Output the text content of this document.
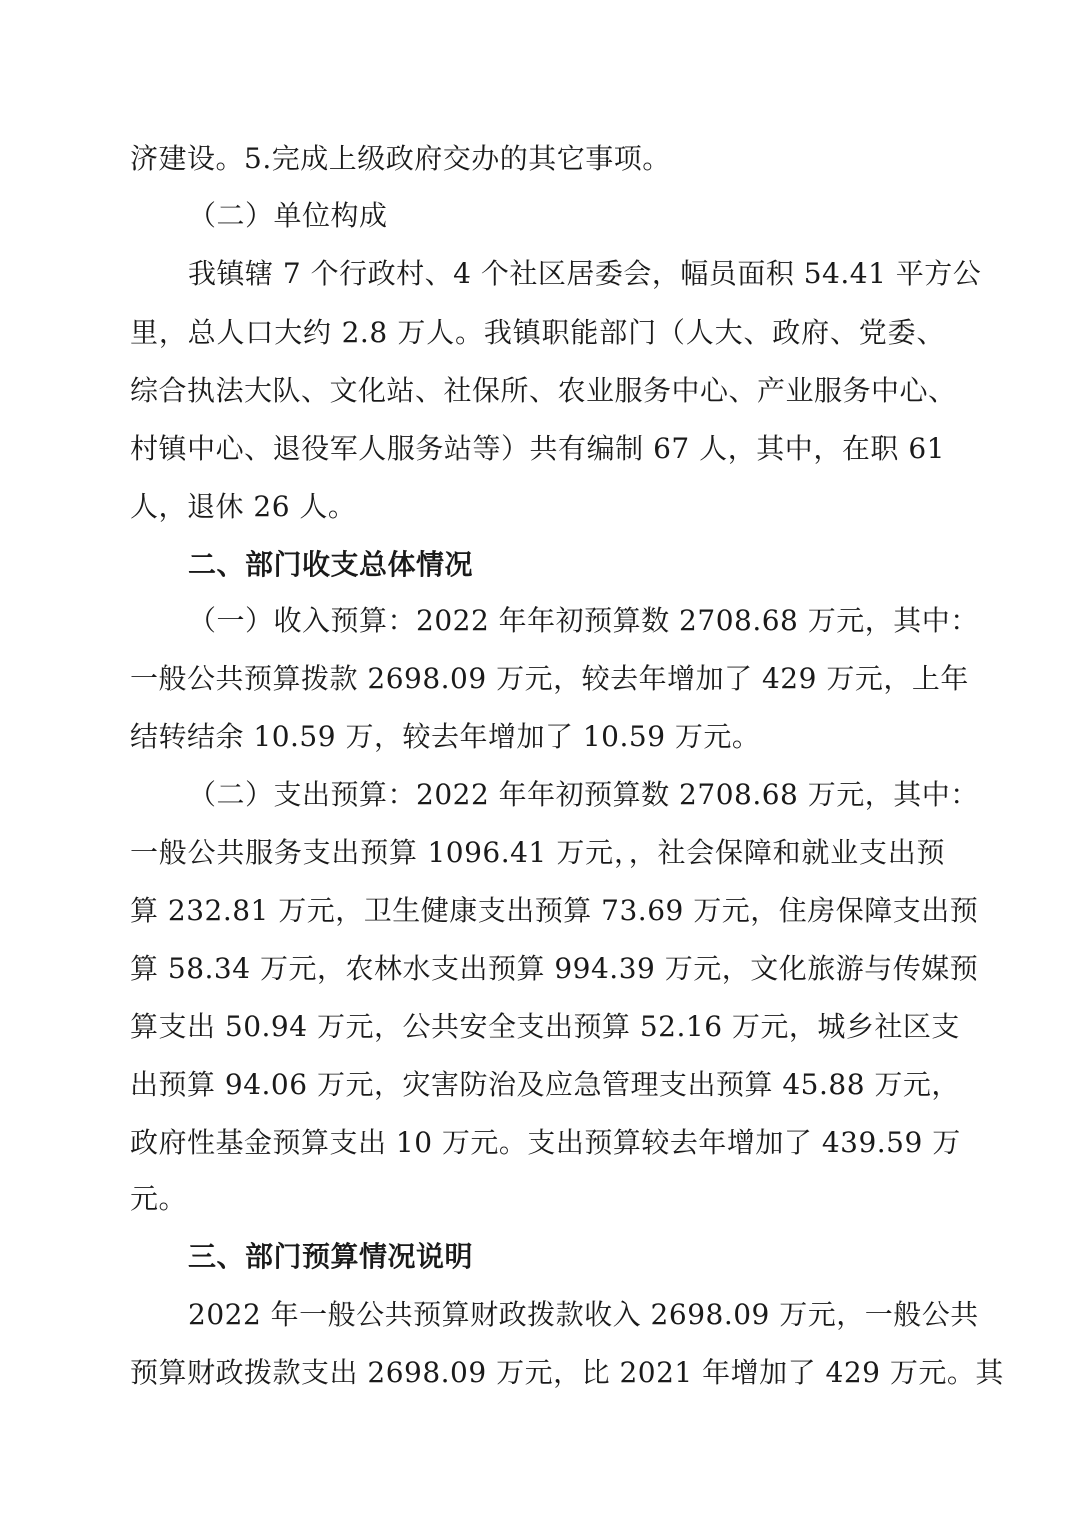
济建设。5.完成上级政府交办的其它事项。
（二）单位构成
我镇辖 7 个行政村、4 个社区居委会，幅员面积 54.41 平方公
里，总人口大约 2.8 万人。我镇职能部门（人大、政府、党委、
综合执法大队、文化站、社保所、农业服务中心、产业服务中心、
村镇中心、退役军人服务站等）共有编制 67 人，其中，在职 61
人，退休 26 人。
二、部门收支总体情况
（一）收入预算：2022 年年初预算数 2708.68 万元，其中：
一般公共预算拨款 2698.09 万元，较去年增加了 429 万元，上年
结转结余 10.59 万，较去年增加了 10.59 万元。
（二）支出预算：2022 年年初预算数 2708.68 万元，其中：
一般公共服务支出预算 1096.41 万元，，社会保障和就业支出预
算 232.81 万元，卫生健康支出预算 73.69 万元，住房保障支出预
算 58.34 万元，农林水支出预算 994.39 万元，文化旅游与传媒预
算支出 50.94 万元，公共安全支出预算 52.16 万元，城乡社区支
出预算 94.06 万元，灾害防治及应急管理支出预算 45.88 万元，
政府性基金预算支出 10 万元。支出预算较去年增加了 439.59 万
元。
三、部门预算情况说明
2022 年一般公共预算财政拨款收入 2698.09 万元，一般公共
预算财政拨款支出 2698.09 万元，比 2021 年增加了 429 万元。其
